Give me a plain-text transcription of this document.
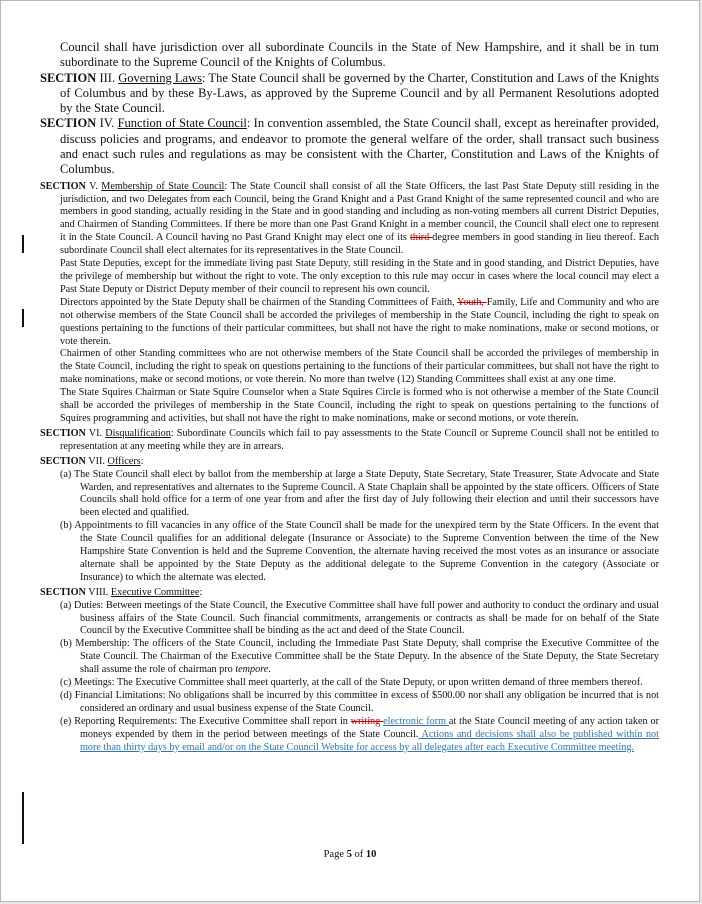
Council shall have jurisdiction over all subordinate Councils in the State of New Hampshire, and it shall be in tum subordinate to the Supreme Council of the Knights of Columbus.

SECTION III. Governing Laws: The State Council shall be governed by the Charter, Constitution and Laws of the Knights of Columbus and by these By-Laws, as approved by the Supreme Council and by all Permanent Resolutions adopted by the State Council.

SECTION IV. Function of State Council: In convention assembled, the State Council shall, except as hereinafter provided, discuss policies and programs, and endeavor to promote the general welfare of the order, shall transact such business and enact such rules and regulations as may be consistent with the Charter, Constitution and Laws of the Knights of Columbus.

SECTION V. Membership of State Council: The State Council shall consist of all the State Officers, the last Past State Deputy still residing in the jurisdiction, and two Delegates from each Council, being the Grand Knight and a Past Grand Knight of the same represented council and who are members in good standing, actually residing in the State and in good standing and including as non-voting members all current District Deputies, and Chairmen of Standing Committees. If there be more than one Past Grand Knight in a member council, the Council shall elect one to represent it in the State Council. A Council having no Past Grand Knight may elect one of its third degree members in good standing in lieu thereof. Each subordinate Council shall elect alternates for its representatives in the State Council.

Past State Deputies, except for the immediate living past State Deputy, still residing in the State and in good standing, and District Deputies, have the privilege of membership but without the right to vote. The only exception to this rule may occur in cases where the local council may elect a Past State Deputy or District Deputy member of their council to represent his own council.

Directors appointed by the State Deputy shall be chairmen of the Standing Committees of Faith, Youth, Family, Life and Community and who are not otherwise members of the State Council shall be accorded the privileges of membership in the State Council, including the right to speak on questions pertaining to the functions of their particular committees, but shall not have the right to make nominations, make or second motions, or vote therein.

Chairmen of other Standing committees who are not otherwise members of the State Council shall be accorded the privileges of membership in the State Council, including the right to speak on questions pertaining to the functions of their particular committees, but shall not have the right to make nominations, make or second motions, or vote therein. No more than twelve (12) Standing Committees shall exist at any one time.

The State Squires Chairman or State Squire Counselor when a State Squires Circle is formed who is not otherwise a member of the State Council shall be accorded the privileges of membership in the State Council, including the right to speak on questions pertaining to the functions of Squires programming and activities, but shall not have the right to make nominations, make or second motions, or vote therein.

SECTION VI. Disqualification: Subordinate Councils which fail to pay assessments to the State Council or Supreme Council shall not be entitled to representation at any meeting while they are in arrears.

SECTION VII. Officers:

(a) The State Council shall elect by ballot from the membership at large a State Deputy, State Secretary, State Treasurer, State Advocate and State Warden, and representatives and alternates to the Supreme Council. A State Chaplain shall be appointed by the state officers. Officers of State Councils shall hold office for a term of one year from and after the first day of July following their election and until their successors have been elected and qualified.

(b) Appointments to fill vacancies in any office of the State Council shall be made for the unexpired term by the State Officers. In the event that the State Council qualifies for an additional delegate (Insurance or Associate) to the Supreme Convention between the time of the New Hampshire State Convention is held and the Supreme Convention, the alternate having received the most votes as an insurance or associate alternate shall be appointed by the State Deputy as the additional delegate to the Supreme Convention in the category (Associate or Insurance) to which the alternate was elected.

SECTION VIII. Executive Committee:

(a) Duties: Between meetings of the State Council, the Executive Committee shall have full power and authority to conduct the ordinary and usual business affairs of the State Council. Such financial commitments, arrangements or contracts as shall be made for on behalf of the State Council by the Executive Committee shall be binding as the act and deed of the State Council.

(b) Membership: The officers of the State Council, including the Immediate Past State Deputy, shall comprise the Executive Committee of the State Council. The Chairman of the Executive Committee shall be the State Deputy. In the absence of the State Deputy, the State Secretary shall assume the role of chairman pro tempore.

(c) Meetings: The Executive Committee shall meet quarterly, at the call of the State Deputy, or upon written demand of three members thereof.

(d) Financial Limitations: No obligations shall be incurred by this committee in excess of $500.00 nor shall any obligation be incurred that is not considered an ordinary and usual business expense of the State Council.

(e) Reporting Requirements: The Executive Committee shall report in writing electronic form at the State Council meeting of any action taken or moneys expended by them in the period between meetings of the State Council. Actions and decisions shall also be published within not more than thirty days by email and/or on the State Council Website for access by all delegates after each Executive Committee meeting.

Page 5 of 10
